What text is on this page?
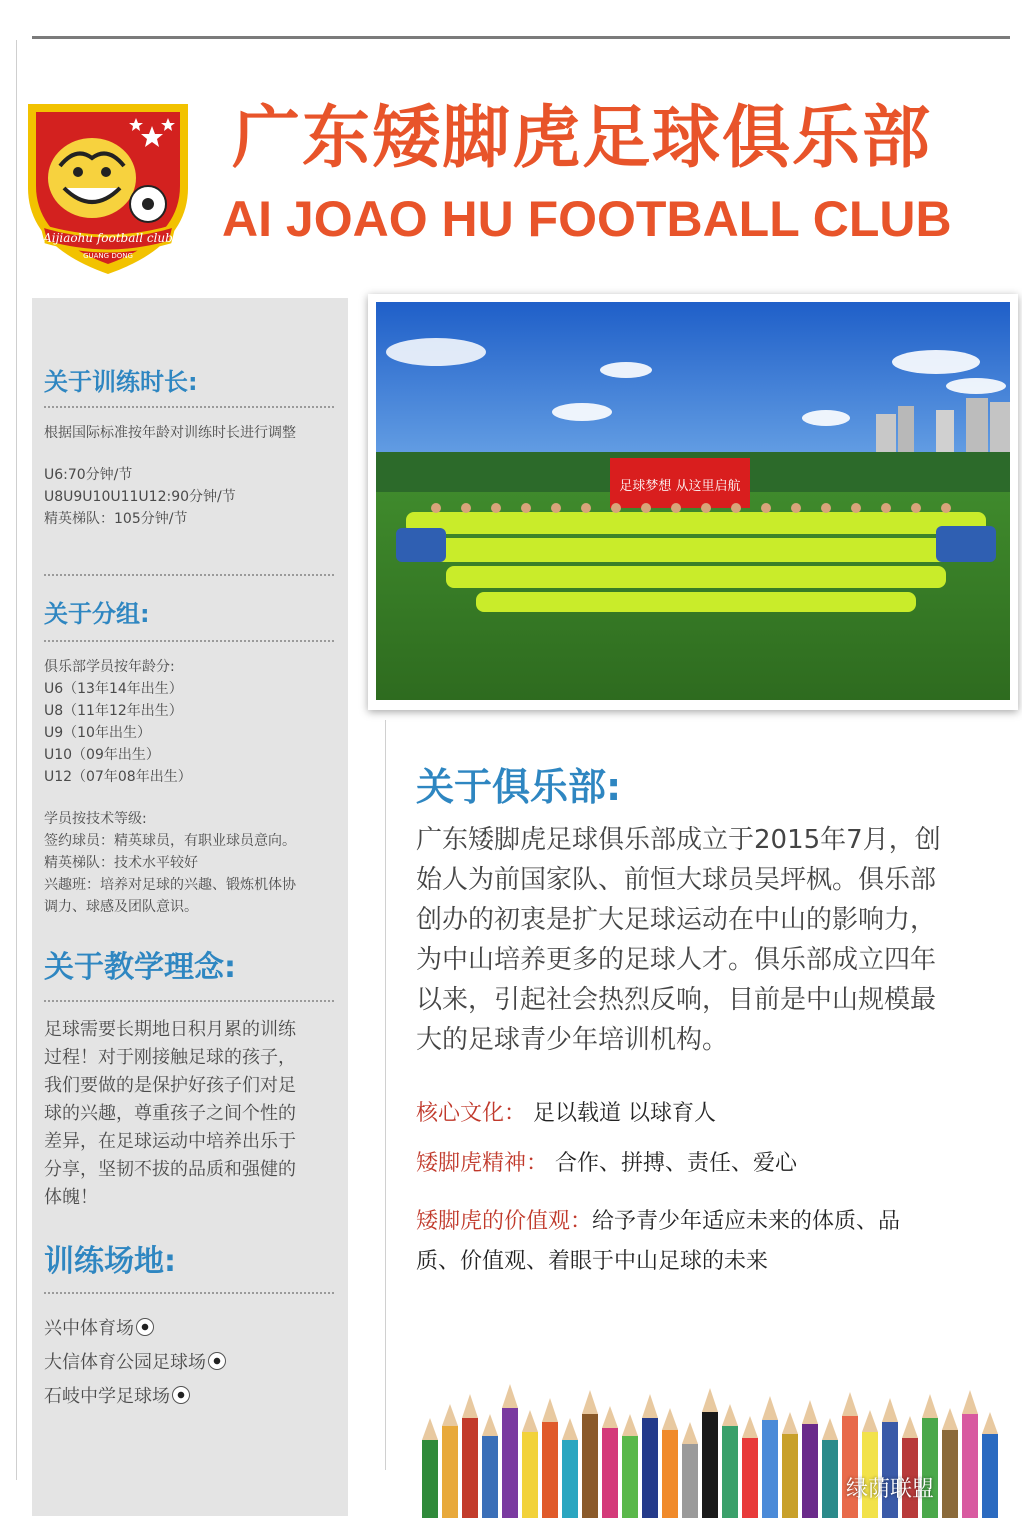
Aijiaohu football club
GUANG DONG
广东矮脚虎足球俱乐部
AI JOAO HU FOOTBALL CLUB
关于训练时长:
根据国际标准按年龄对训练时长进行调整
U6:70分钟/节
U8U9U10U11U12:90分钟/节
精英梯队：105分钟/节
关于分组:
俱乐部学员按年龄分:
U6（13年14年出生）
U8（11年12年出生）
U9（10年出生）
U10（09年出生）
U12（07年08年出生）
学员按技术等级:
签约球员：精英球员，有职业球员意向。
精英梯队：技术水平较好
兴趣班：培养对足球的兴趣、锻炼机体协
调力、球感及团队意识。
关于教学理念:
足球需要长期地日积月累的训练
过程！对于刚接触足球的孩子，
我们要做的是保护好孩子们对足
球的兴趣，尊重孩子之间个性的
差异，在足球运动中培养出乐于
分享，坚韧不拔的品质和强健的
体魄！
训练场地:
兴中体育场
大信体育公园足球场
石岐中学足球场
足球梦想 从这里启航
关于俱乐部:
广东矮脚虎足球俱乐部成立于2015年7月，创
始人为前国家队、前恒大球员吴坪枫。俱乐部
创办的初衷是扩大足球运动在中山的影响力，
为中山培养更多的足球人才。俱乐部成立四年
以来，引起社会热烈反响，目前是中山规模最
大的足球青少年培训机构。
核心文化： 足以载道 以球育人
矮脚虎精神： 合作、拼搏、责任、爱心
矮脚虎的价值观：给予青少年适应未来的体质、品
质、价值观、着眼于中山足球的未来
绿荫联盟
